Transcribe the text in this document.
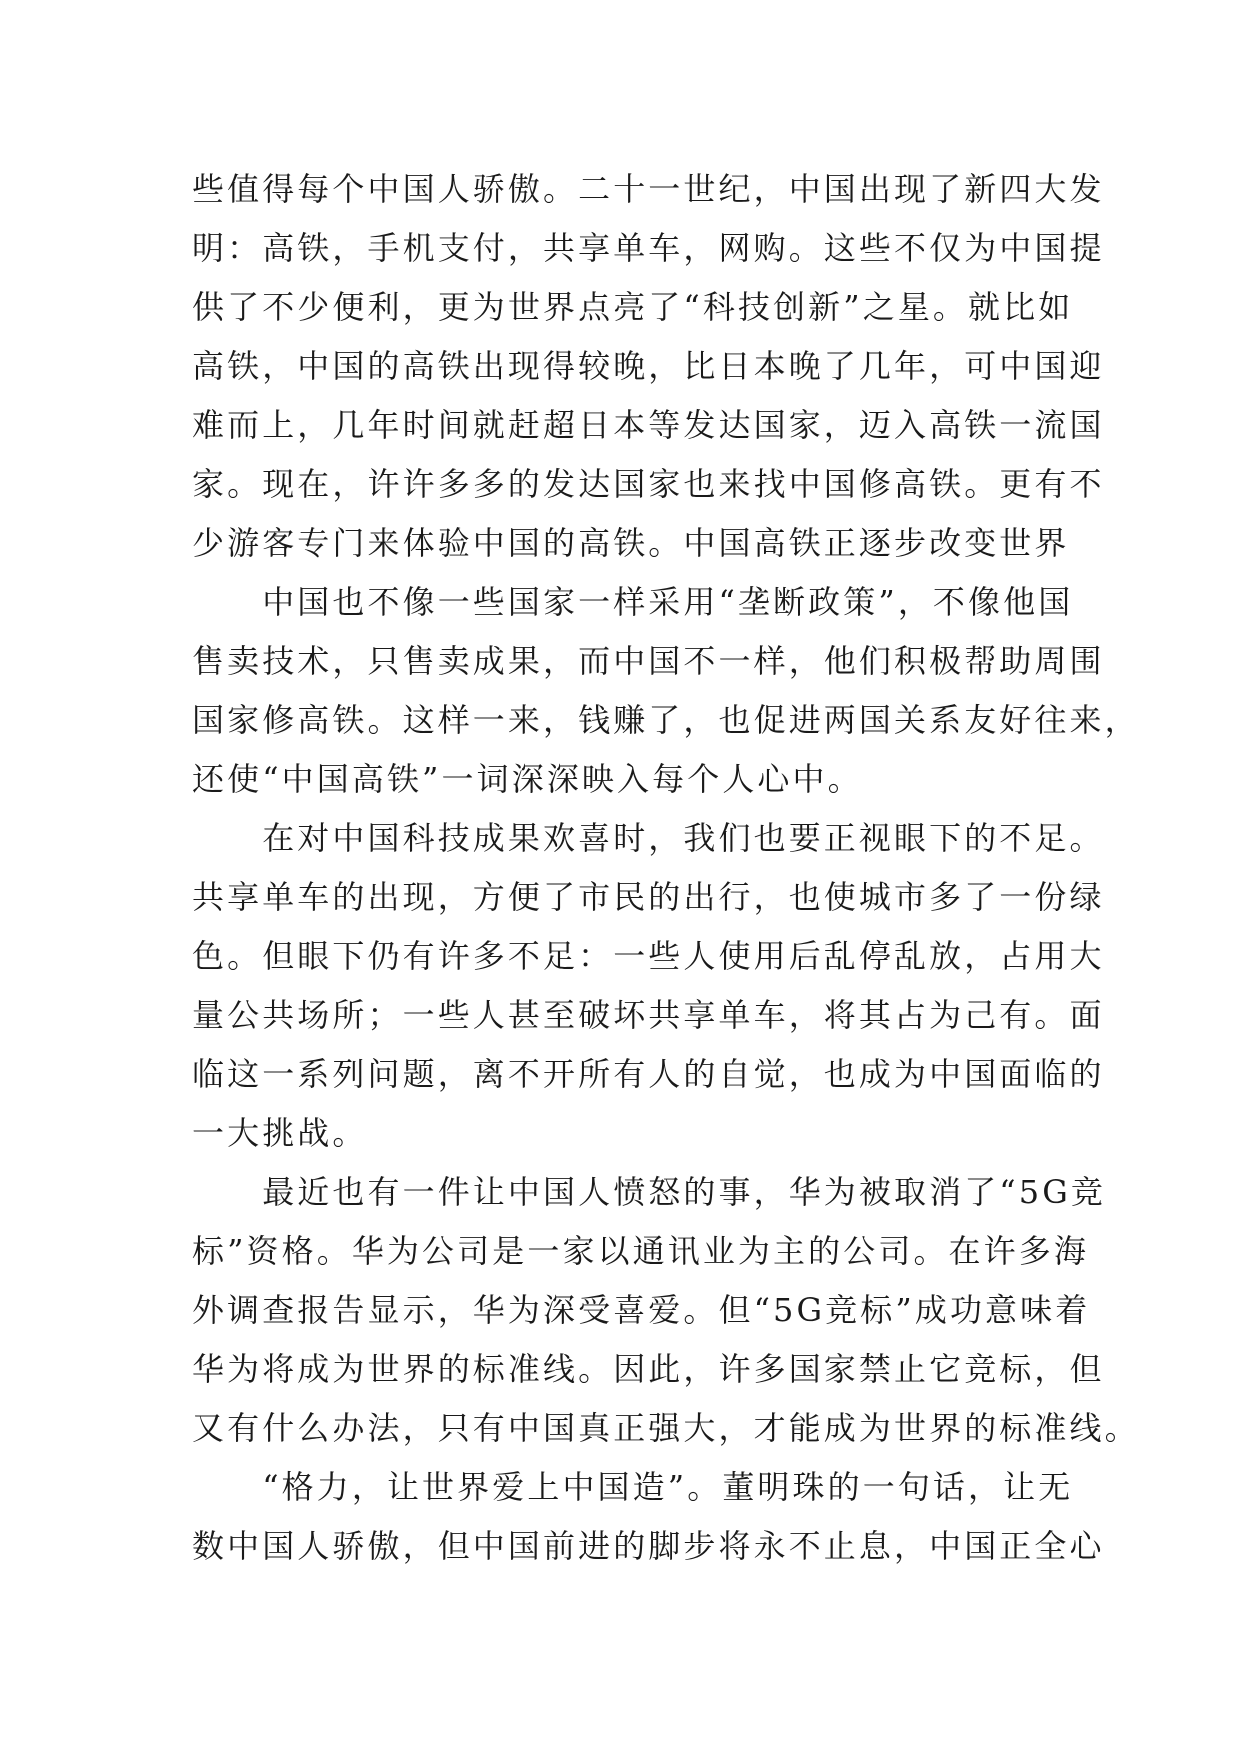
些值得每个中国人骄傲。二十一世纪，中国出现了新四大发
明：高铁，手机支付，共享单车，网购。这些不仅为中国提
供了不少便利，更为世界点亮了“科技创新”之星。就比如
高铁，中国的高铁出现得较晚，比日本晚了几年，可中国迎
难而上，几年时间就赶超日本等发达国家，迈入高铁一流国
家。现在，许许多多的发达国家也来找中国修高铁。更有不
少游客专门来体验中国的高铁。中国高铁正逐步改变世界
　　中国也不像一些国家一样采用“垄断政策”，不像他国
售卖技术，只售卖成果，而中国不一样，他们积极帮助周围
国家修高铁。这样一来，钱赚了，也促进两国关系友好往来，
还使“中国高铁”一词深深映入每个人心中。
　　在对中国科技成果欢喜时，我们也要正视眼下的不足。
共享单车的出现，方便了市民的出行，也使城市多了一份绿
色。但眼下仍有许多不足：一些人使用后乱停乱放，占用大
量公共场所；一些人甚至破坏共享单车，将其占为己有。面
临这一系列问题，离不开所有人的自觉，也成为中国面临的
一大挑战。
　　最近也有一件让中国人愤怒的事，华为被取消了“5G竞
标”资格。华为公司是一家以通讯业为主的公司。在许多海
外调查报告显示，华为深受喜爱。但“5G竞标”成功意味着
华为将成为世界的标准线。因此，许多国家禁止它竞标，但
又有什么办法，只有中国真正强大，才能成为世界的标准线。
　　“格力，让世界爱上中国造”。董明珠的一句话，让无
数中国人骄傲，但中国前进的脚步将永不止息，中国正全心
